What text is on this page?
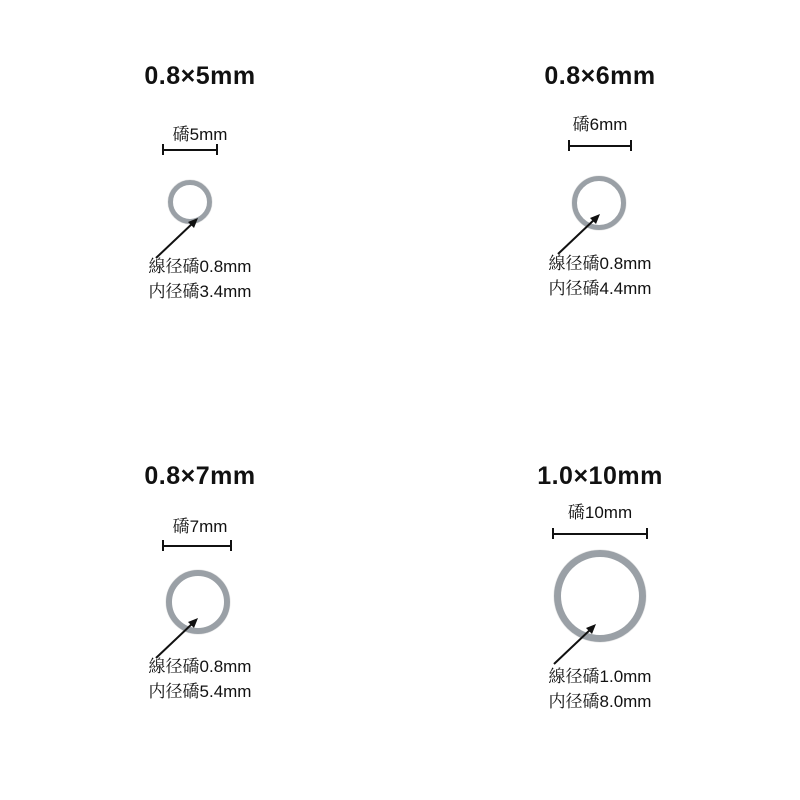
0.8×5mm
礄5mm
線径礄0.8mm
内径礄3.4mm
0.8×6mm
礄6mm
線径礄0.8mm
内径礄4.4mm
0.8×7mm
礄7mm
線径礄0.8mm
内径礄5.4mm
1.0×10mm
礄10mm
線径礄1.0mm
内径礄8.0mm
